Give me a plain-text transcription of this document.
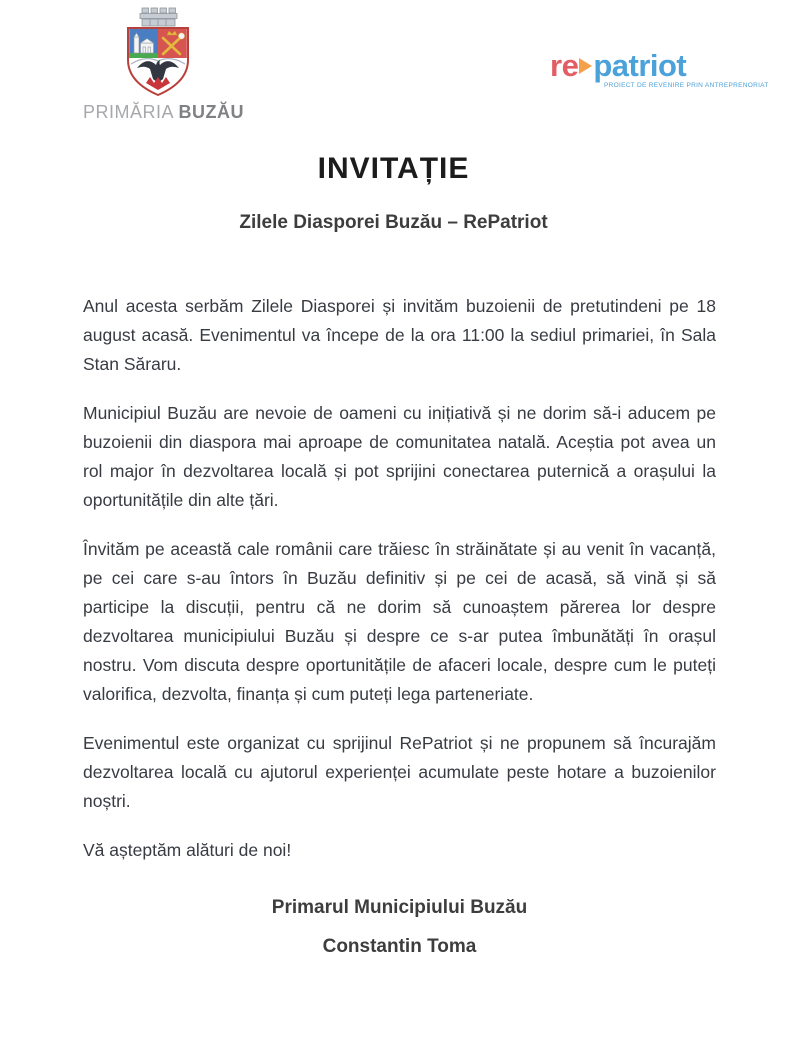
PRIMĂRIA BUZĂU
re patriot
PROIECT DE REVENIRE PRIN ANTREPRENORIAT
INVITAȚIE
Zilele Diasporei Buzău – RePatriot

Anul acesta serbăm Zilele Diasporei și invităm buzoienii de pretutindeni pe 18 august acasă. Evenimentul va începe de la ora 11:00 la sediul primariei, în Sala Stan Săraru.

Municipiul Buzău are nevoie de oameni cu inițiativă și ne dorim să-i aducem pe buzoienii din diaspora mai aproape de comunitatea natală. Aceștia pot avea un rol major în dezvoltarea locală și pot sprijini conectarea puternică a orașului la oportunitățile din alte țări.

Învităm pe această cale românii care trăiesc în străinătate și au venit în vacanță, pe cei care s-au întors în Buzău definitiv și pe cei de acasă, să vină și să participe la discuții, pentru că ne dorim să cunoaștem părerea lor despre dezvoltarea municipiului Buzău și despre ce s-ar putea îmbunătăți în orașul nostru. Vom discuta despre oportunitățile de afaceri locale, despre cum le puteți valorifica, dezvolta, finanța și cum puteți lega parteneriate.

Evenimentul este organizat cu sprijinul RePatriot și ne propunem să încurajăm dezvoltarea locală cu ajutorul experienței acumulate peste hotare a buzoienilor noștri.

Vă așteptăm alături de noi!

Primarul Municipiului Buzău
Constantin Toma
